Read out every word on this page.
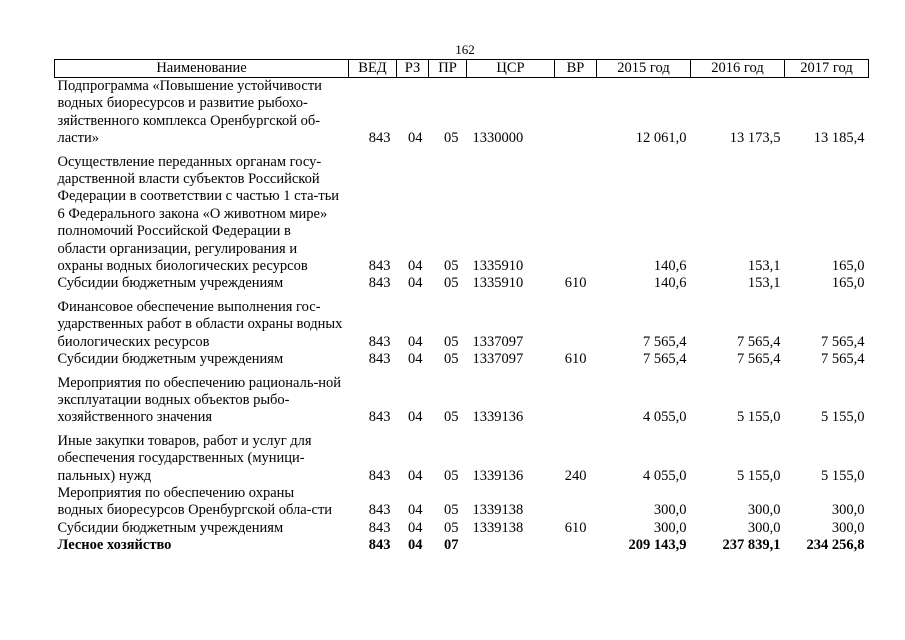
162
Наименование	ВЕД	РЗ	ПР	ЦСР	ВР	2015 год	2016 год	2017 год
Подпрограмма «Повышение устойчивости водных биоресурсов и развитие рыбохо-зяйственного комплекса Оренбургской об-ласти»	843	04	05	1330000		12 061,0	13 173,5	13 185,4

Осуществление переданных органам госу-дарственной власти субъектов Российской Федерации в соответствии с частью 1 ста-тьи 6 Федерального закона «О животном мире» полномочий Российской Федерации в области организации, регулирования и охраны водных биологических ресурсов	843	04	05	1335910		140,6	153,1	165,0
Субсидии бюджетным учреждениям	843	04	05	1335910	610	140,6	153,1	165,0

Финансовое обеспечение выполнения гос-ударственных работ в области охраны водных биологических ресурсов	843	04	05	1337097		7 565,4	7 565,4	7 565,4
Субсидии бюджетным учреждениям	843	04	05	1337097	610	7 565,4	7 565,4	7 565,4

Мероприятия по обеспечению рациональ-ной эксплуатации водных объектов рыбо-хозяйственного значения	843	04	05	1339136		4 055,0	5 155,0	5 155,0

Иные закупки товаров, работ и услуг для обеспечения государственных (муници-пальных) нужд	843	04	05	1339136	240	4 055,0	5 155,0	5 155,0
Мероприятия по обеспечению охраны водных биоресурсов Оренбургской обла-сти	843	04	05	1339138		300,0	300,0	300,0
Субсидии бюджетным учреждениям	843	04	05	1339138	610	300,0	300,0	300,0
Лесное хозяйство	843	04	07			209 143,9	237 839,1	234 256,8
